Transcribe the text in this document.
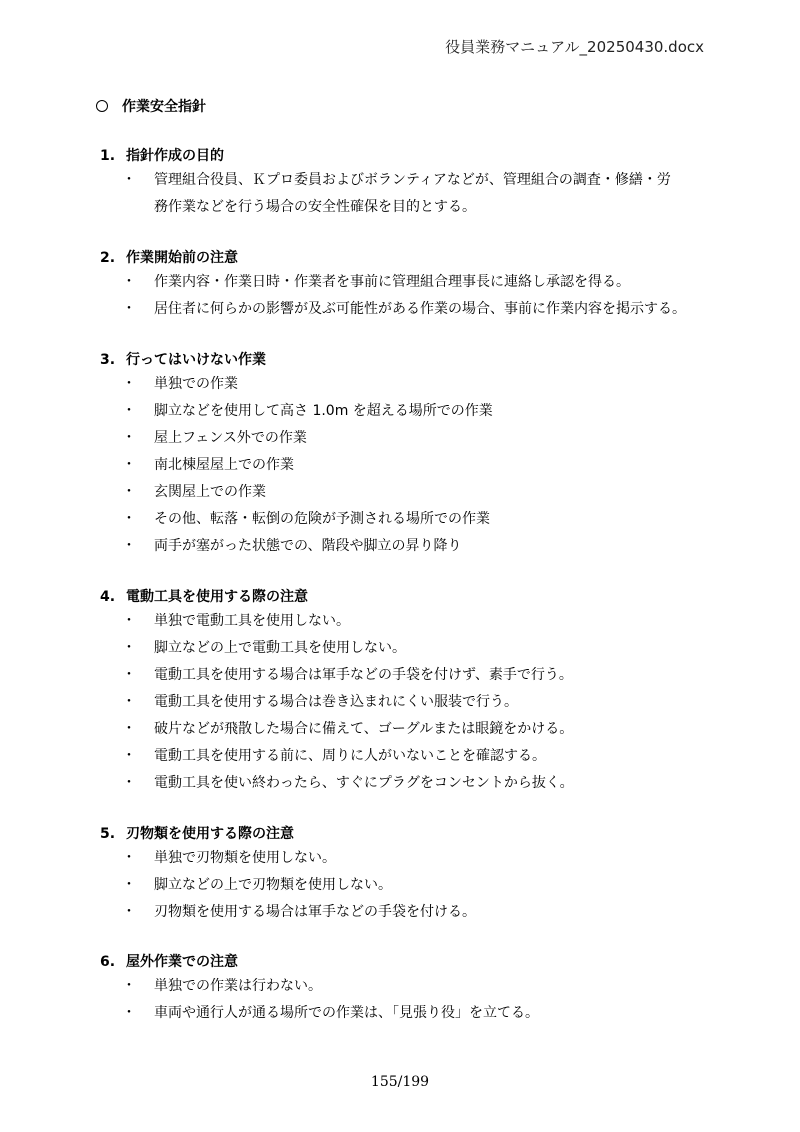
役員業務マニュアル_20250430.docx
作業安全指針
1. 指針作成の目的
・ 管理組合役員、Ｋプロ委員およびボランティアなどが、管理組合の調査・修繕・労
務作業などを行う場合の安全性確保を目的とする。
2. 作業開始前の注意
・ 作業内容・作業日時・作業者を事前に管理組合理事長に連絡し承認を得る。
・ 居住者に何らかの影響が及ぶ可能性がある作業の場合、事前に作業内容を掲示する。
3. 行ってはいけない作業
・ 単独での作業
・ 脚立などを使用して高さ 1.0m を超える場所での作業
・ 屋上フェンス外での作業
・ 南北棟屋屋上での作業
・ 玄関屋上での作業
・ その他、転落・転倒の危険が予測される場所での作業
・ 両手が塞がった状態での、階段や脚立の昇り降り
4. 電動工具を使用する際の注意
・ 単独で電動工具を使用しない。
・ 脚立などの上で電動工具を使用しない。
・ 電動工具を使用する場合は軍手などの手袋を付けず、素手で行う。
・ 電動工具を使用する場合は巻き込まれにくい服装で行う。
・ 破片などが飛散した場合に備えて、ゴーグルまたは眼鏡をかける。
・ 電動工具を使用する前に、周りに人がいないことを確認する。
・ 電動工具を使い終わったら、すぐにプラグをコンセントから抜く。
5. 刃物類を使用する際の注意
・ 単独で刃物類を使用しない。
・ 脚立などの上で刃物類を使用しない。
・ 刃物類を使用する場合は軍手などの手袋を付ける。
6. 屋外作業での注意
・ 単独での作業は行わない。
・ 車両や通行人が通る場所での作業は、「見張り役」を立てる。
155/199
